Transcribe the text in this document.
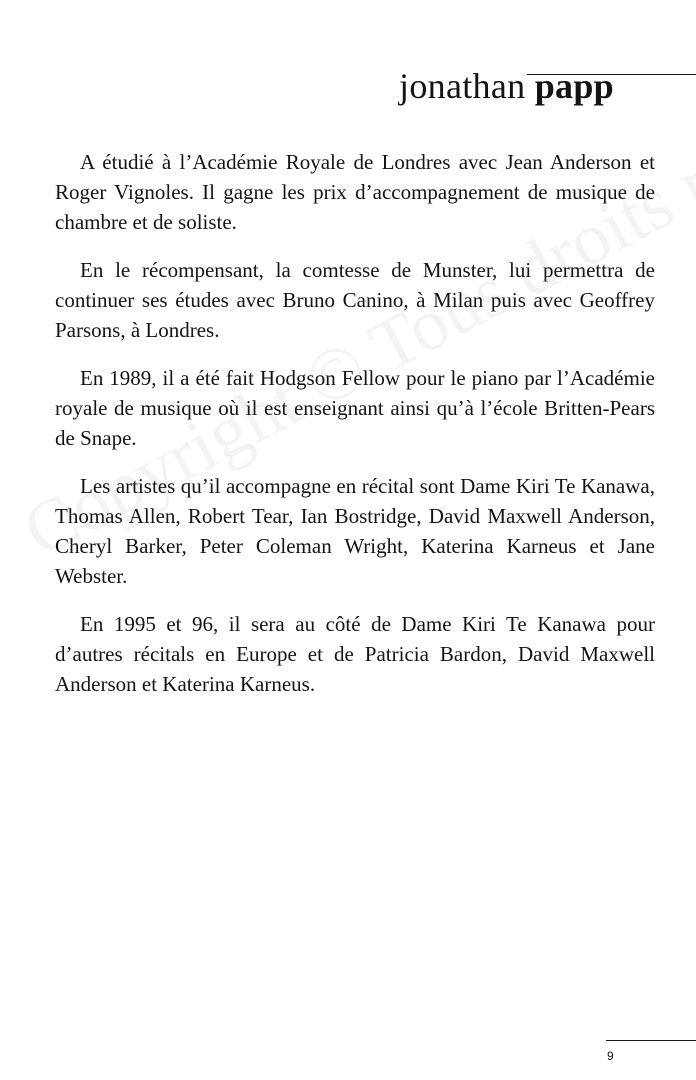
jonathan papp

A étudié à l’Académie Royale de Londres avec Jean Anderson et Roger Vignoles. Il gagne les prix d’accompagnement de musique de chambre et de soliste.

En le récompensant, la comtesse de Munster, lui permettra de continuer ses études avec Bruno Canino, à Milan puis avec Geoffrey Parsons, à Londres.

En 1989, il a été fait Hodgson Fellow pour le piano par l’Académie royale de musique où il est enseignant ainsi qu’à l’école Britten-Pears de Snape.

Les artistes qu’il accompagne en récital sont Dame Kiri Te Kanawa, Thomas Allen, Robert Tear, Ian Bostridge, David Maxwell Anderson, Cheryl Barker, Peter Coleman Wright, Katerina Karneus et Jane Webster.

En 1995 et 96, il sera au côté de Dame Kiri Te Kanawa pour d’autres récitals en Europe et de Patricia Bardon, David Maxwell Anderson et Katerina Karneus.

9
